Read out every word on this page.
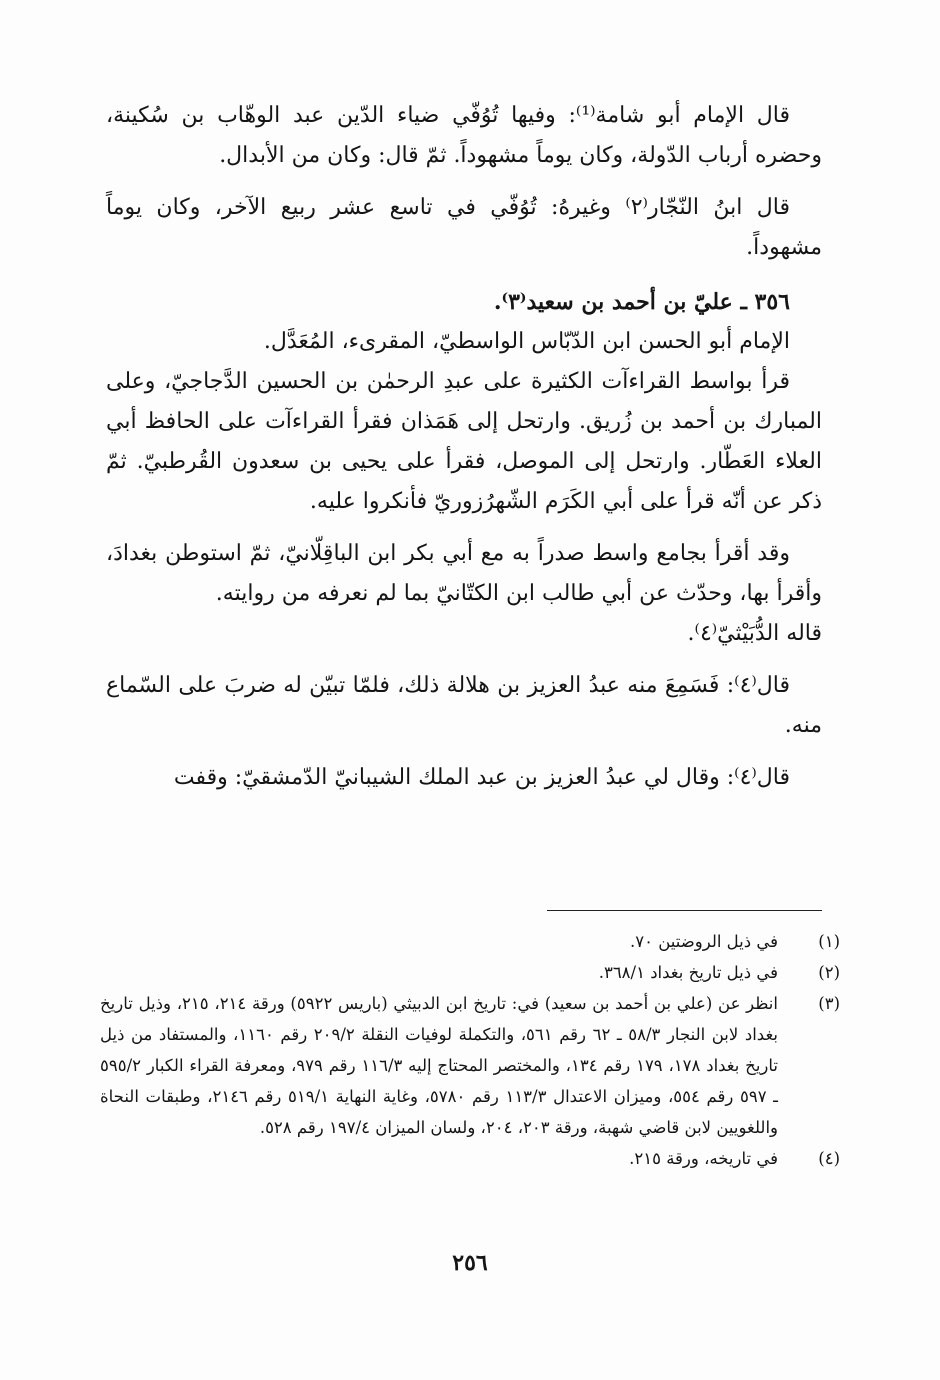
قال الإمام أبو شامة⁽¹⁾: وفيها تُوُفّي ضياء الدّين عبد الوهّاب بن سُكينة، وحضره أرباب الدّولة، وكان يوماً مشهوداً. ثمّ قال: وكان من الأبدال.

قال ابنُ النّجّار⁽٢⁾ وغيرهُ: تُوُفّي في تاسع عشر ربيع الآخر، وكان يوماً مشهوداً.

٣٥٦ ـ عليّ بن أحمد بن سعيد⁽٣⁾.

الإمام أبو الحسن ابن الدّبّاس الواسطيّ، المقرىء، المُعَدَّل.

قرأ بواسط القراءآت الكثيرة على عبدِ الرحمٰن بن الحسين الدَّجاجيّ، وعلى المبارك بن أحمد بن زُريق. وارتحل إلى هَمَذان فقرأ القراءآت على الحافظ أبي العلاء العَطّار. وارتحل إلى الموصل، فقرأ على يحيى بن سعدون القُرطبيّ. ثمّ ذكر عن أنّه قرأ على أبي الكَرَم الشّهرُزوريّ فأنكروا عليه.

وقد أقرأ بجامع واسط صدراً به مع أبي بكر ابن الباقِلّانيّ، ثمّ استوطن بغدادَ، وأقرأ بها، وحدّث عن أبي طالب ابن الكتّانيّ بما لم نعرفه من روايته.

قاله الدُّبَيْثيّ⁽٤⁾.

قال⁽٤⁾: فَسَمِعَ منه عبدُ العزيز بن هلالة ذلك، فلمّا تبيّن له ضربَ على السّماع منه.

قال⁽٤⁾: وقال لي عبدُ العزيز بن عبد الملك الشيبانيّ الدّمشقيّ: وقفت

(١)
في ذيل الروضتين ٧٠.
(٢)
في ذيل تاريخ بغداد ٣٦٨/١.
(٣)
انظر عن (علي بن أحمد بن سعيد) في: تاريخ ابن الدبيثي (باريس ٥٩٢٢) ورقة ٢١٤، ٢١٥، وذيل تاريخ بغداد لابن النجار ٥٨/٣ ـ ٦٢ رقم ٥٦١، والتكملة لوفيات النقلة ٢٠٩/٢ رقم ١١٦٠، والمستفاد من ذيل تاريخ بغداد ١٧٨، ١٧٩ رقم ١٣٤، والمختصر المحتاج إليه ١١٦/٣ رقم ٩٧٩، ومعرفة القراء الكبار ٥٩٥/٢ ـ ٥٩٧ رقم ٥٥٤، وميزان الاعتدال ١١٣/٣ رقم ٥٧٨٠، وغاية النهاية ٥١٩/١ رقم ٢١٤٦، وطبقات النحاة واللغويين لابن قاضي شهبة، ورقة ٢٠٣، ٢٠٤، ولسان الميزان ١٩٧/٤ رقم ٥٢٨.
(٤)
في تاريخه، ورقة ٢١٥.
٢٥٦
